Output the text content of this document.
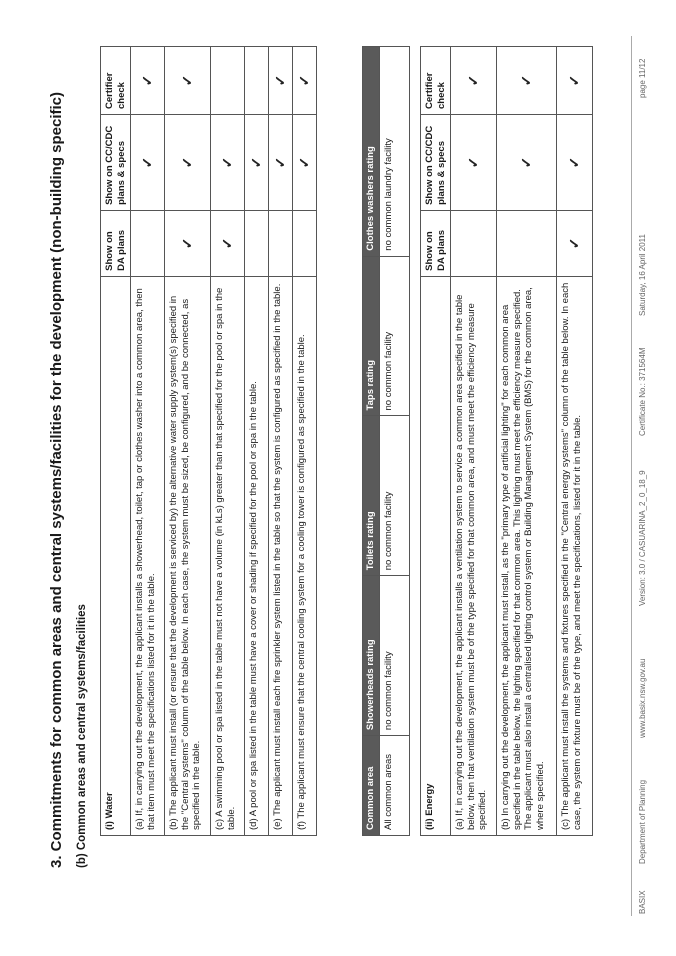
3. Commitments for common areas and central systems/facilities for the development (non-building specific) (b) Common areas and central systems/facilities (i) Water	Show on DA plans	Show on CC/CDC plans & specs	Certifier check
(a) If, in carrying out the development, the applicant installs a showerhead, toilet, tap or clothes washer into a common area, then that item must meet the specifications listed for it in the table.		✓	✓
(b) The applicant must install (or ensure that the development is serviced by) the alternative water supply system(s) specified in the "Central systems" column of the table below. In each case, the system must be sized, be configured, and be connected, as specified in the table.	✓	✓	✓
(c) A swimming pool or spa listed in the table must not have a volume (in kLs) greater than that specified for the pool or spa in the table.	✓	✓	
(d) A pool or spa listed in the table must have a cover or shading if specified for the pool or spa in the table.		✓	
(e) The applicant must install each fire sprinkler system listed in the table so that the system is configured as specified in the table.		✓	✓
(f) The applicant must ensure that the central cooling system for a cooling tower is configured as specified in the table.		✓	✓
Common area	Showerheads rating	Toilets rating	Taps rating	Clothes washers rating
All common areas	no common facility	no common facility	no common facility	no common laundry facility
(ii) Energy	Show on DA plans	Show on CC/CDC plans & specs	Certifier check
(a) If, in carrying out the development, the applicant installs a ventilation system to service a common area specified in the table below, then that ventilation system must be of the type specified for that common area, and must meet the efficiency measure specified.		✓	✓
(b) In carrying out the development, the applicant must install, as the "primary type of artificial lighting" for each common area specified in the table below, the lighting specified for that common area. This lighting must meet the efficiency measure specified. The applicant must also install a centralised lighting control system or Building Management System (BMS) for the common area, where specified.		✓	✓
(c) The applicant must install the systems and fixtures specified in the "Central energy systems" column of the table below. In each case, the system or fixture must be of the type, and meet the specifications, listed for it in the table.	✓	✓	✓
BASIX
Department of Planning
www.basix.nsw.gov.au
Version: 3.0 / CASUARINA_2_0_18_9
Certificate No.: 371564M
Saturday, 16 April 2011
page 11/12
